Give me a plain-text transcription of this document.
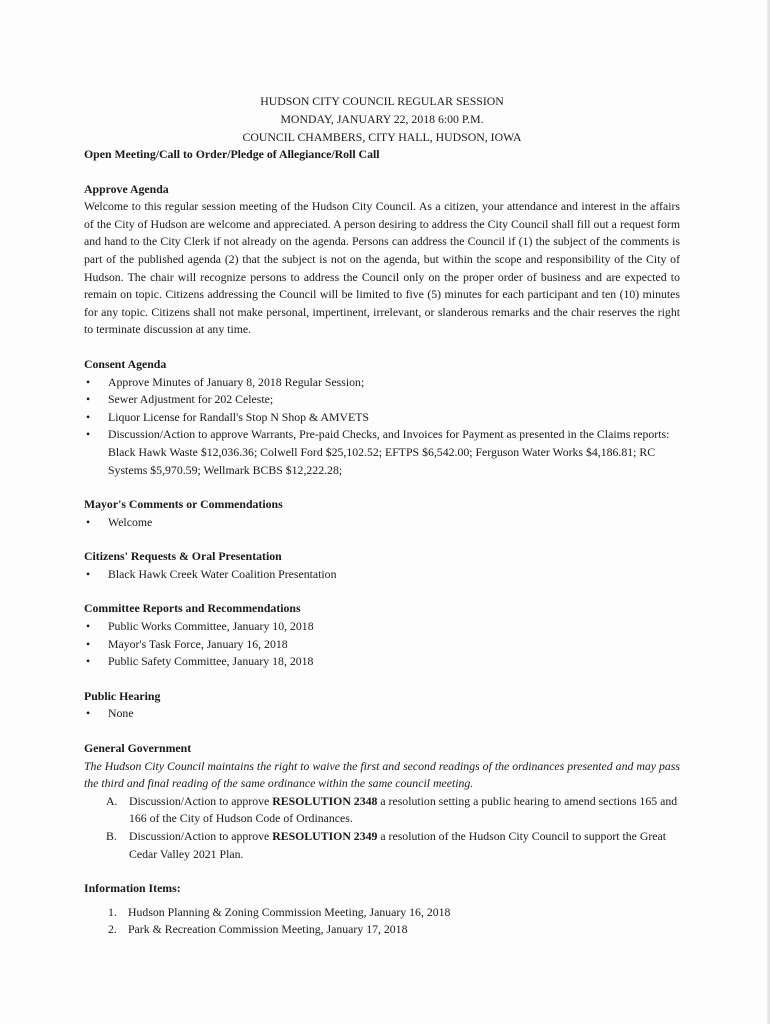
HUDSON CITY COUNCIL REGULAR SESSION
MONDAY, JANUARY 22, 2018 6:00 P.M.
COUNCIL CHAMBERS, CITY HALL, HUDSON, IOWA
Open Meeting/Call to Order/Pledge of Allegiance/Roll Call
Approve Agenda

Welcome to this regular session meeting of the Hudson City Council. As a citizen, your attendance and interest in the affairs of the City of Hudson are welcome and appreciated. A person desiring to address the City Council shall fill out a request form and hand to the City Clerk if not already on the agenda. Persons can address the Council if (1) the subject of the comments is part of the published agenda (2) that the subject is not on the agenda, but within the scope and responsibility of the City of Hudson. The chair will recognize persons to address the Council only on the proper order of business and are expected to remain on topic. Citizens addressing the Council will be limited to five (5) minutes for each participant and ten (10) minutes for any topic. Citizens shall not make personal, impertinent, irrelevant, or slanderous remarks and the chair reserves the right to terminate discussion at any time.

Consent Agenda
• Approve Minutes of January 8, 2018 Regular Session;
• Sewer Adjustment for 202 Celeste;
• Liquor License for Randall's Stop N Shop & AMVETS
• Discussion/Action to approve Warrants, Pre-paid Checks, and Invoices for Payment as presented in the Claims reports: Black Hawk Waste $12,036.36; Colwell Ford $25,102.52; EFTPS $6,542.00; Ferguson Water Works $4,186.81; RC Systems $5,970.59; Wellmark BCBS $12,222.28;
Mayor's Comments or Commendations
• Welcome
Citizens' Requests & Oral Presentation
• Black Hawk Creek Water Coalition Presentation
Committee Reports and Recommendations
• Public Works Committee, January 10, 2018
• Mayor's Task Force, January 16, 2018
• Public Safety Committee, January 18, 2018
Public Hearing
• None
General Government

The Hudson City Council maintains the right to waive the first and second readings of the ordinances presented and may pass the third and final reading of the same ordinance within the same council meeting.

A. Discussion/Action to approve RESOLUTION 2348 a resolution setting a public hearing to amend sections 165 and 166 of the City of Hudson Code of Ordinances.
B. Discussion/Action to approve RESOLUTION 2349 a resolution of the Hudson City Council to support the Great Cedar Valley 2021 Plan.
Information Items:
1. Hudson Planning & Zoning Commission Meeting, January 16, 2018
2. Park & Recreation Commission Meeting, January 17, 2018
